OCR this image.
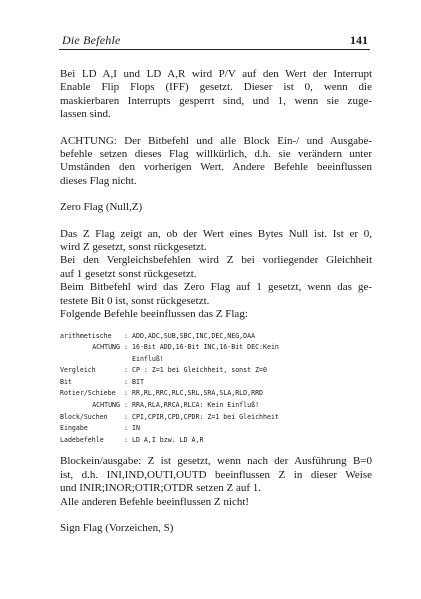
Die Befehle	141
Bei LD A,I und LD A,R wird P/V auf den Wert der Interrupt
Enable Flip Flops (IFF) gesetzt. Dieser ist 0, wenn die
maskierbaren Interrupts gesperrt sind, und 1, wenn sie zuge-
lassen sind.
ACHTUNG: Der Bitbefehl und alle Block Ein-/ und Ausgabe-
befehle setzen dieses Flag willkürlich, d.h. sie verändern unter
Umständen den vorherigen Wert. Andere Befehle beeinflussen
dieses Flag nicht.
Zero Flag (Null,Z)
Das Z Flag zeigt an, ob der Wert eines Bytes Null ist. Ist er 0,
wird Z gesetzt, sonst rückgesetzt.
Bei den Vergleichsbefehlen wird Z bei vorliegender Gleichheit
auf 1 gesetzt sonst rückgesetzt.
Beim Bitbefehl wird das Zero Flag auf 1 gesetzt, wenn das ge-
testete Bit 0 ist, sonst rückgesetzt.
Folgende Befehle beeinflussen das Z Flag:
arithmetische	: ADD,ADC,SUB,SBC,INC,DEC,NEG,DAA
ACHTUNG : 16-Bit ADD,16-Bit INC,16-Bit DEC:Kein
Einfluß!
Vergleich	: CP : Z=1 bei Gleichheit, sonst Z=0
Bit	: BIT
Rotier/Schiebe	: RR,RL,RRC,RLC,SRL,SRA,SLA,RLD,RRD
ACHTUNG : RRA,RLA,RRCA,RLCA: Kein Einfluß!
Block/Suchen	: CPI,CPIR,CPD,CPDR: Z=1 bei Gleichheit
Eingabe	: IN
Ladebefehle	: LD A,I bzw. LD A,R
Blockein/ausgabe: Z ist gesetzt, wenn nach der Ausführung B=0
ist, d.h. INI,IND,OUTI,OUTD beeinflussen Z in dieser Weise
und INIR;INOR;OTIR;OTDR setzen Z auf 1.
Alle anderen Befehle beeinflussen Z nicht!
Sign Flag (Vorzeichen, S)
